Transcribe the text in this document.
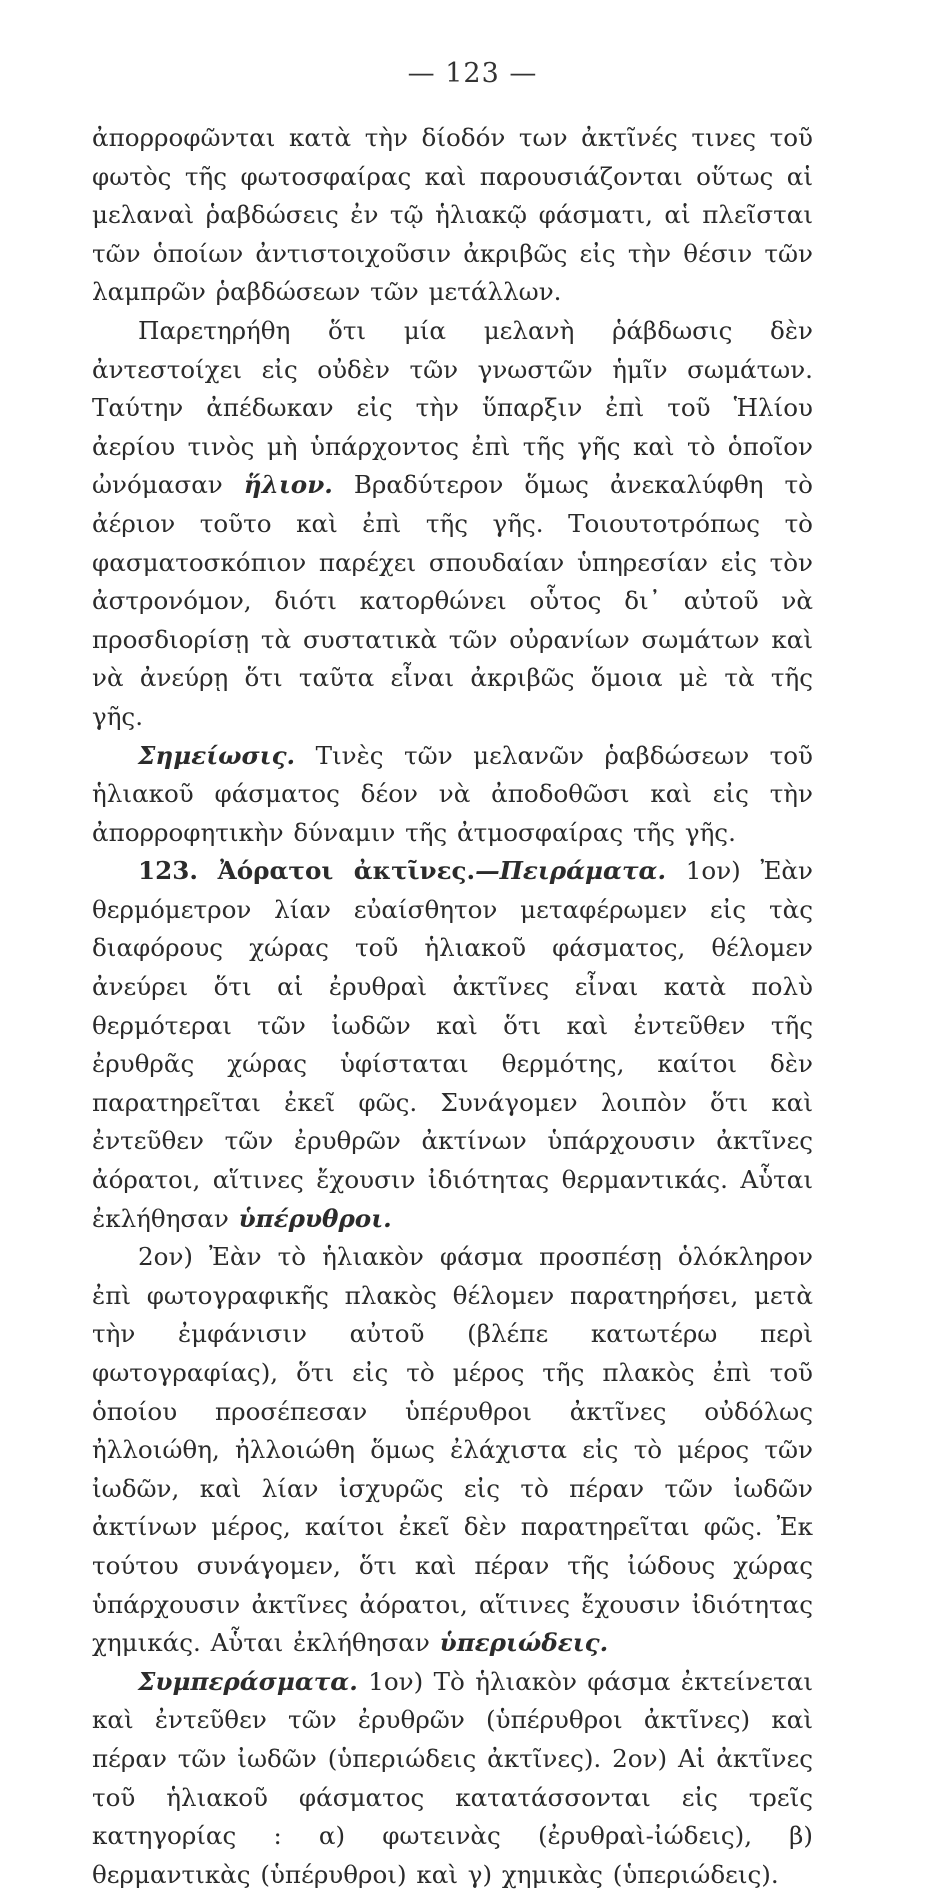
— 123 —

ἀπορροφῶνται κατὰ τὴν δίοδόν των ἀκτῖνές τινες τοῦ φωτὸς τῆς φωτοσφαίρας καὶ παρουσιάζονται οὕτως αἱ μελαναὶ ῥαβδώσεις ἐν τῷ ἡλιακῷ φάσματι, αἱ πλεῖσται τῶν ὁποίων ἀντιστοιχοῦσιν ἀκριβῶς εἰς τὴν θέσιν τῶν λαμπρῶν ῥαβδώσεων τῶν μετάλλων.

Παρετηρήθη ὅτι μία μελανὴ ῥάβδωσις δὲν ἀντεστοίχει εἰς οὐδὲν τῶν γνωστῶν ἡμῖν σωμάτων. Ταύτην ἀπέδωκαν εἰς τὴν ὕπαρξιν ἐπὶ τοῦ Ἡλίου ἀερίου τινὸς μὴ ὑπάρχοντος ἐπὶ τῆς γῆς καὶ τὸ ὁποῖον ὠνόμασαν ἥλιον. Βραδύτερον ὅμως ἀνεκαλύφθη τὸ ἀέριον τοῦτο καὶ ἐπὶ τῆς γῆς. Τοιουτοτρόπως τὸ φασματοσκόπιον παρέχει σπουδαίαν ὑπηρεσίαν εἰς τὸν ἀστρονόμον, διότι κατορθώνει οὗτος δι᾿ αὐτοῦ νὰ προσδιορίσῃ τὰ συστατικὰ τῶν οὐρανίων σωμάτων καὶ νὰ ἀνεύρῃ ὅτι ταῦτα εἶναι ἀκριβῶς ὅμοια μὲ τὰ τῆς γῆς.

Σημείωσις. Τινὲς τῶν μελανῶν ῥαβδώσεων τοῦ ἡλιακοῦ φάσματος δέον νὰ ἀποδοθῶσι καὶ εἰς τὴν ἀπορροφητικὴν δύναμιν τῆς ἀτμοσφαίρας τῆς γῆς.

123. Ἀόρατοι ἀκτῖνες.—Πειράματα. 1ον) Ἐὰν θερμόμετρον λίαν εὐαίσθητον μεταφέρωμεν εἰς τὰς διαφόρους χώρας τοῦ ἡλιακοῦ φάσματος, θέλομεν ἀνεύρει ὅτι αἱ ἐρυθραὶ ἀκτῖνες εἶναι κατὰ πολὺ θερμότεραι τῶν ἰωδῶν καὶ ὅτι καὶ ἐντεῦθεν τῆς ἐρυθρᾶς χώρας ὑφίσταται θερμότης, καίτοι δὲν παρατηρεῖται ἐκεῖ φῶς. Συνάγομεν λοιπὸν ὅτι καὶ ἐντεῦθεν τῶν ἐρυθρῶν ἀκτίνων ὑπάρχουσιν ἀκτῖνες ἀόρατοι, αἵτινες ἔχουσιν ἰδιότητας θερμαντικάς. Αὗται ἐκλήθησαν ὑπέρυθροι.

2ον) Ἐὰν τὸ ἡλιακὸν φάσμα προσπέσῃ ὁλόκληρον ἐπὶ φωτογραφικῆς πλακὸς θέλομεν παρατηρήσει, μετὰ τὴν ἐμφάνισιν αὐτοῦ (βλέπε κατωτέρω περὶ φωτογραφίας), ὅτι εἰς τὸ μέρος τῆς πλακὸς ἐπὶ τοῦ ὁποίου προσέπεσαν ὑπέρυθροι ἀκτῖνες οὐδόλως ἠλλοιώθη, ἠλλοιώθη ὅμως ἐλάχιστα εἰς τὸ μέρος τῶν ἰωδῶν, καὶ λίαν ἰσχυρῶς εἰς τὸ πέραν τῶν ἰωδῶν ἀκτίνων μέρος, καίτοι ἐκεῖ δὲν παρατηρεῖται φῶς. Ἐκ τούτου συνάγομεν, ὅτι καὶ πέραν τῆς ἰώδους χώρας ὑπάρχουσιν ἀκτῖνες ἀόρατοι, αἵτινες ἔχουσιν ἰδιότητας χημικάς. Αὗται ἐκλήθησαν ὑπεριώδεις.

Συμπεράσματα. 1ον) Τὸ ἡλιακὸν φάσμα ἐκτείνεται καὶ ἐντεῦθεν τῶν ἐρυθρῶν (ὑπέρυθροι ἀκτῖνες) καὶ πέραν τῶν ἰωδῶν (ὑπεριώδεις ἀκτῖνες). 2ον) Αἱ ἀκτῖνες τοῦ ἡλιακοῦ φάσματος κατατάσσονται εἰς τρεῖς κατηγορίας : α) φωτεινὰς (ἐρυθραὶ-ἰώδεις), β) θερμαντικὰς (ὑπέρυθροι) καὶ γ) χημικὰς (ὑπεριώδεις).
